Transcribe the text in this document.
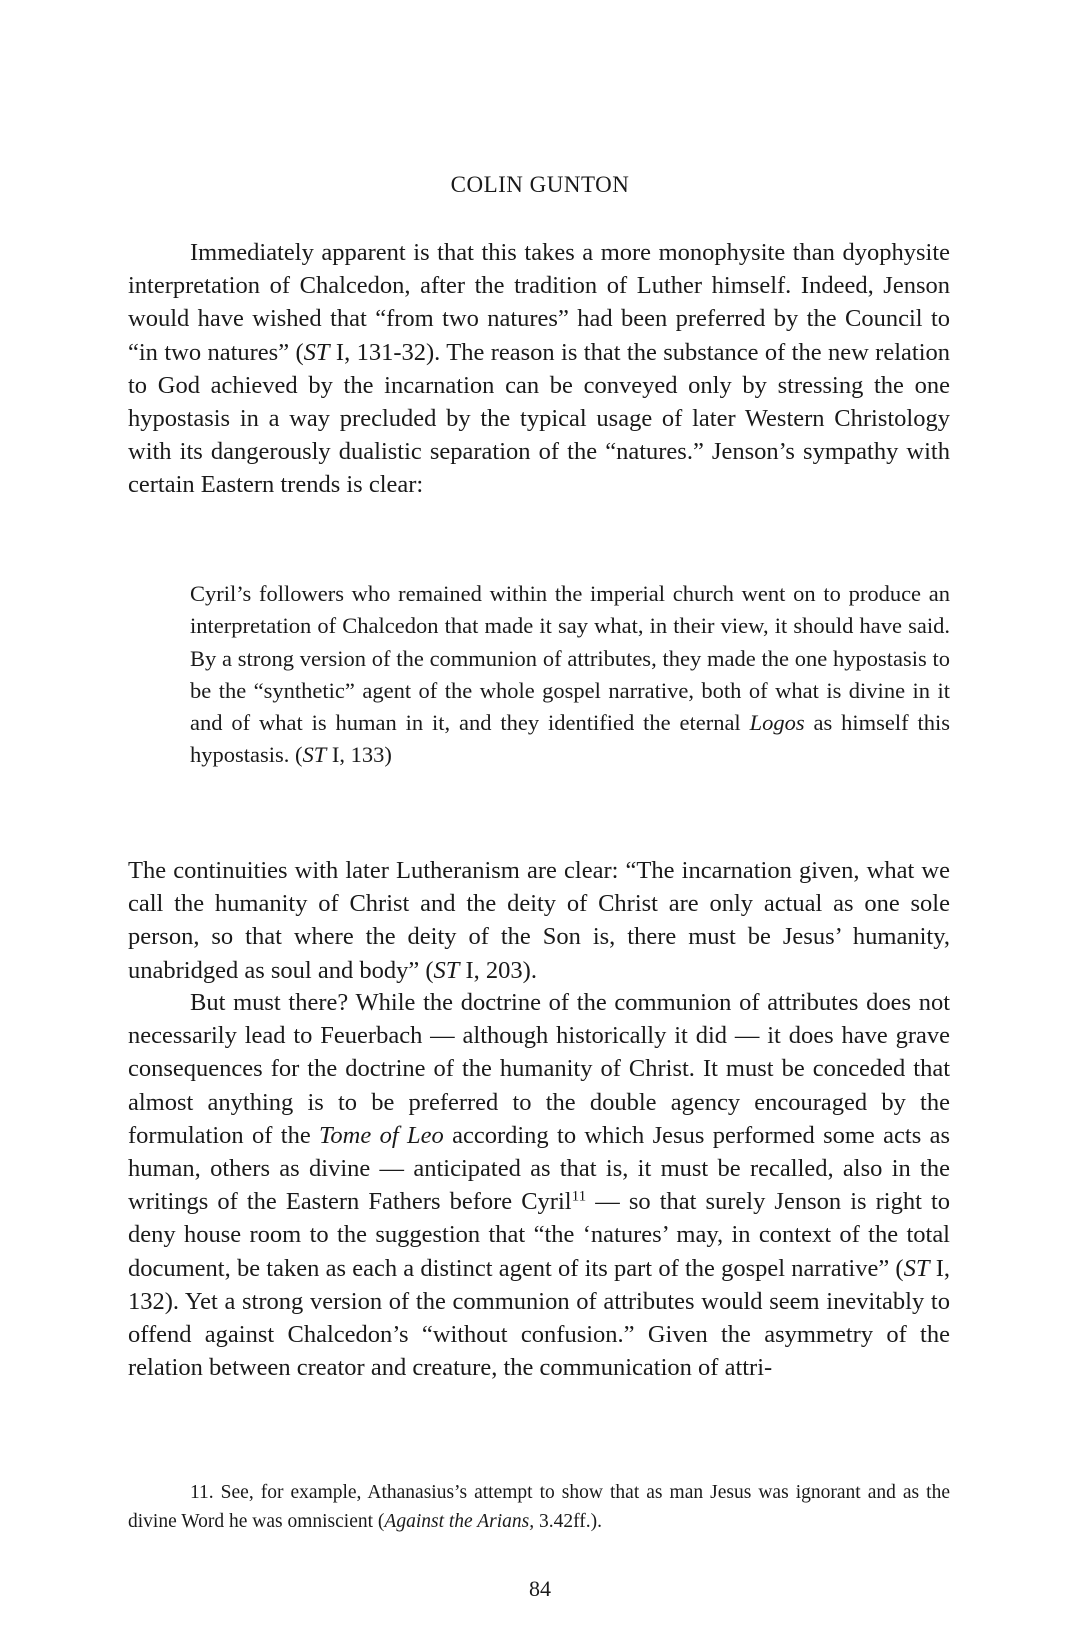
COLIN GUNTON

Immediately apparent is that this takes a more monophysite than dyophysite interpretation of Chalcedon, after the tradition of Luther himself. Indeed, Jenson would have wished that “from two natures” had been preferred by the Council to “in two natures” (ST I, 131-32). The reason is that the substance of the new relation to God achieved by the incarnation can be conveyed only by stressing the one hypostasis in a way precluded by the typical usage of later Western Christology with its dangerously dualistic separation of the “natures.” Jenson’s sympathy with certain Eastern trends is clear:

Cyril’s followers who remained within the imperial church went on to produce an interpretation of Chalcedon that made it say what, in their view, it should have said. By a strong version of the communion of attributes, they made the one hypostasis to be the “synthetic” agent of the whole gospel narrative, both of what is divine in it and of what is human in it, and they identified the eternal Logos as himself this hypostasis. (ST I, 133)

The continuities with later Lutheranism are clear: “The incarnation given, what we call the humanity of Christ and the deity of Christ are only actual as one sole person, so that where the deity of the Son is, there must be Jesus’ humanity, unabridged as soul and body” (ST I, 203).

But must there? While the doctrine of the communion of attributes does not necessarily lead to Feuerbach — although historically it did — it does have grave consequences for the doctrine of the humanity of Christ. It must be conceded that almost anything is to be preferred to the double agency encouraged by the formulation of the Tome of Leo according to which Jesus performed some acts as human, others as divine — anticipated as that is, it must be recalled, also in the writings of the Eastern Fathers before Cyril$^{11}$ — so that surely Jenson is right to deny house room to the suggestion that “the ‘natures’ may, in context of the total document, be taken as each a distinct agent of its part of the gospel narrative” (ST I, 132). Yet a strong version of the communion of attributes would seem inevitably to offend against Chalcedon’s “without confusion.” Given the asymmetry of the relation between creator and creature, the communication of attri-

11. See, for example, Athanasius’s attempt to show that as man Jesus was ignorant and as the divine Word he was omniscient (Against the Arians, 3.42ff.).

84
